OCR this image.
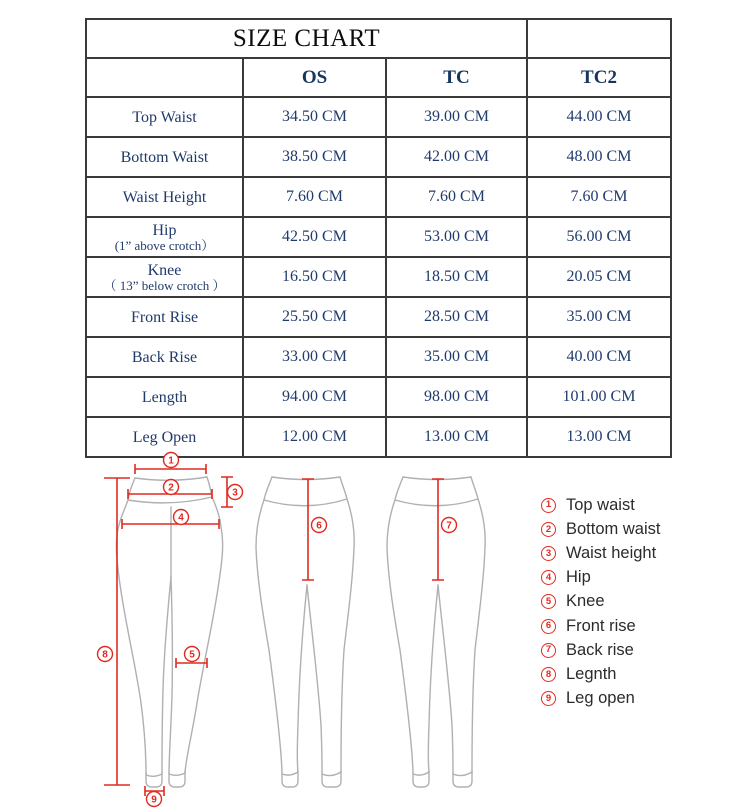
SIZE CHART			
	OS	TC	TC2

Top Waist	34.50 CM	39.00 CM	44.00 CM

Bottom Waist	38.50 CM	42.00 CM	48.00 CM

Waist Height	7.60 CM	7.60 CM	7.60 CM

Hip
(1” above crotch）	42.50 CM	53.00 CM	56.00 CM

Knee
（ 13” below crotch ）	16.50 CM	18.50 CM	20.05 CM

Front Rise	25.50 CM	28.50 CM	35.00 CM

Back Rise	33.00 CM	35.00 CM	40.00 CM

Length	94.00 CM	98.00 CM	101.00 CM

Leg Open	12.00 CM	13.00 CM	13.00 CM
1
2	3
4
5
6	7
8
9
1 Top waist
2 Bottom waist
3 Waist height
4 Hip
5 Knee
6 Front rise
7 Back rise
8 Legnth
9 Leg open
